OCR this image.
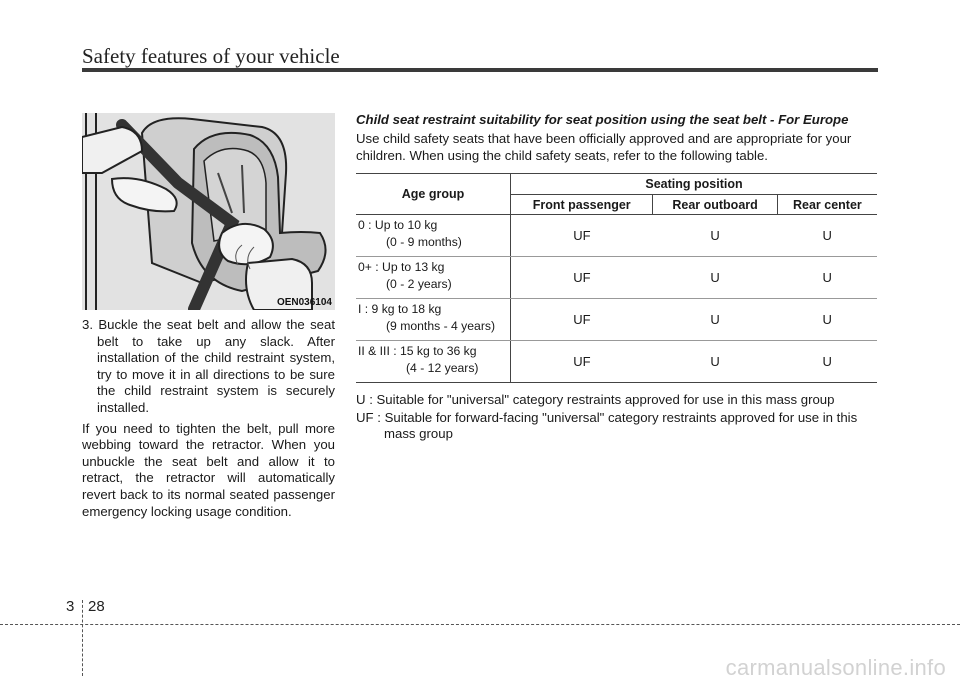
Safety features of your vehicle
OEN036104

3. Buckle the seat belt and allow the seat belt to take up any slack. After installation of the child restraint system, try to move it in all directions to be sure the child restraint system is securely installed.

If you need to tighten the belt, pull more webbing toward the retractor. When you unbuckle the seat belt and allow it to retract, the retractor will automatically revert back to its normal seated passenger emergency locking usage condition.

Child seat restraint suitability for seat position using the seat belt - For Europe

Use child safety seats that have been officially approved and are appropriate for your children. When using the child safety seats, refer to the following table.

Age group	Seating position		
	Front passenger	Rear outboard	Rear center

0 : Up to 10 kg
(0 - 9 months)	UF	U	U

0+ : Up to 13 kg
(0 - 2 years)	UF	U	U

I : 9 kg to 18 kg
(9 months - 4 years)	UF	U	U

II & III : 15 kg to 36 kg
(4 - 12 years)	UF	U	U

U : Suitable for "universal" category restraints approved for use in this mass group

UF : Suitable for forward-facing "universal" category restraints approved for use in this mass group

3 28
carmanualsonline.info
